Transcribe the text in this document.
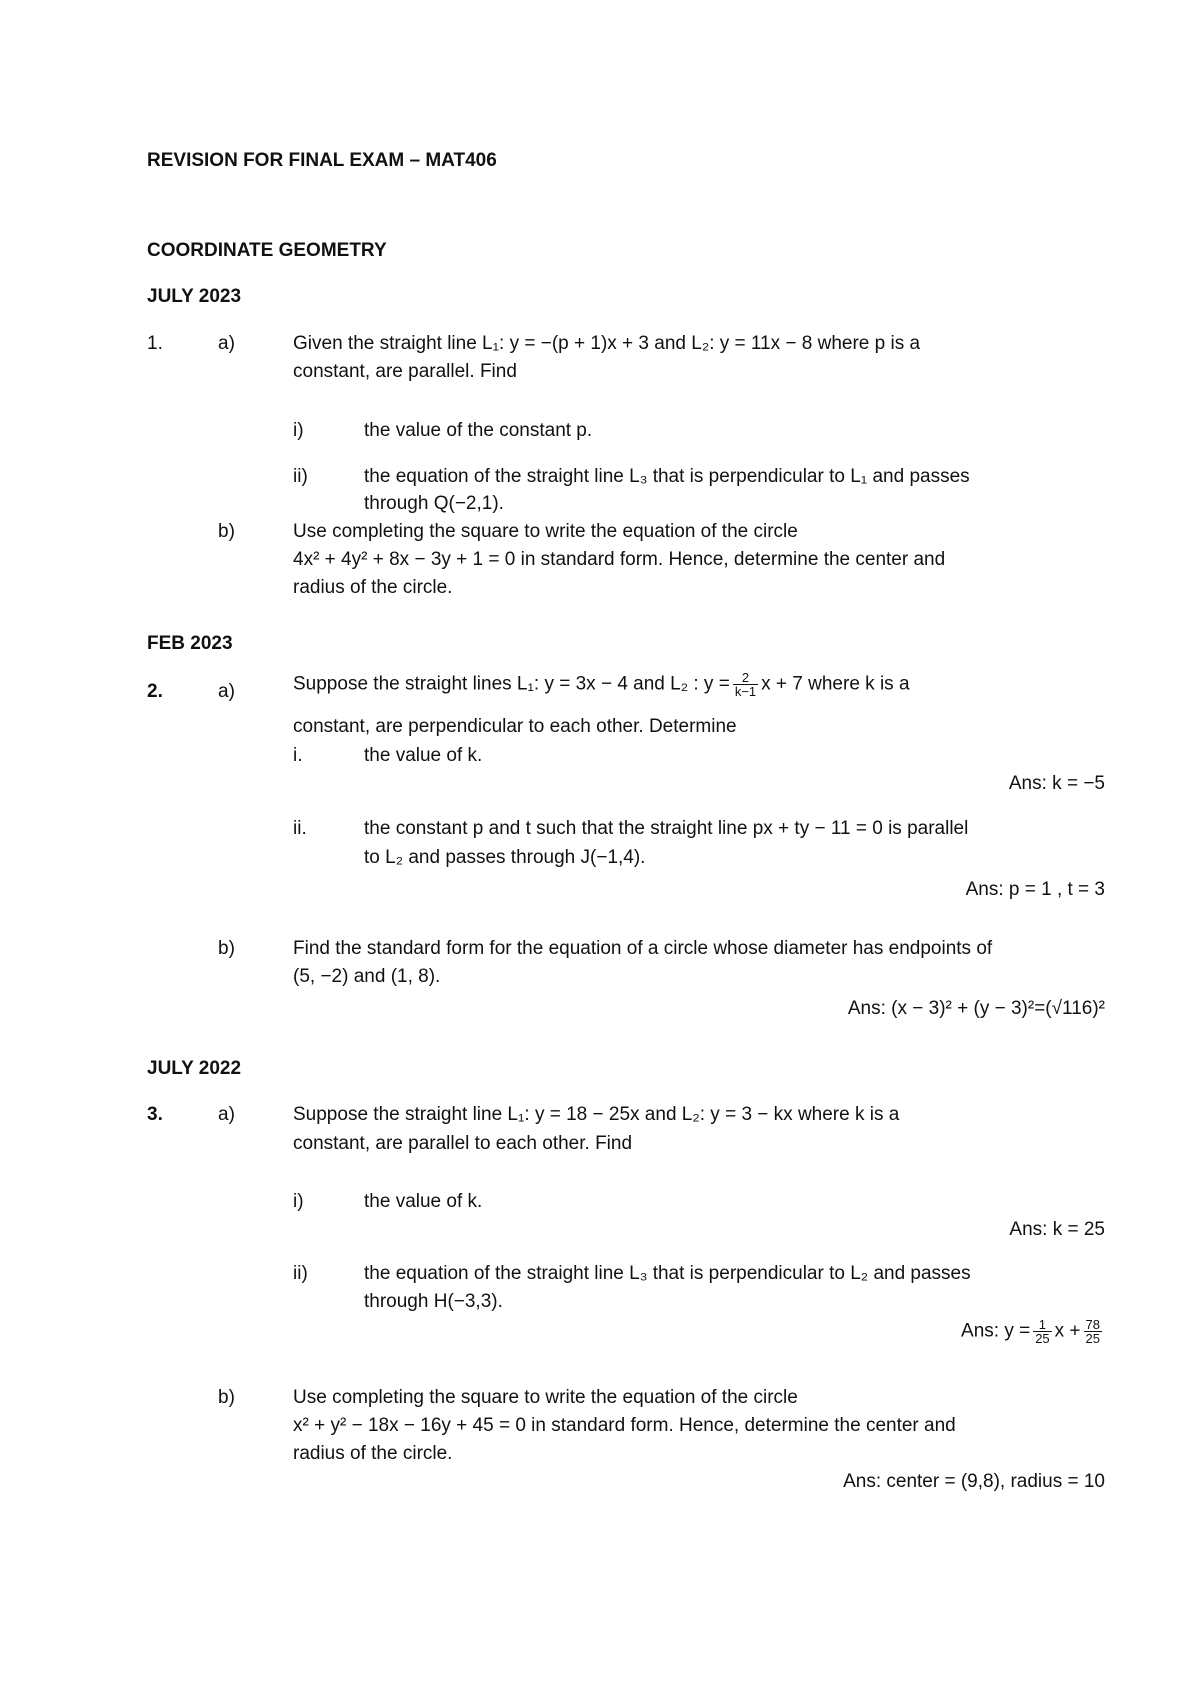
REVISION FOR FINAL EXAM – MAT406
COORDINATE GEOMETRY
JULY 2023
1.	a)	Given the straight line L₁: y = −(p + 1)x + 3 and L₂: y = 11x − 8 where p is a
constant, are parallel. Find
i)	the value of the constant p.
ii)	the equation of the straight line L₃ that is perpendicular to L₁ and passes
through Q(−2,1).
b)	Use completing the square to write the equation of the circle
4x² + 4y² + 8x − 3y + 1 = 0 in standard form. Hence, determine the center and
radius of the circle.
FEB 2023
2.	a)	Suppose the straight lines L₁: y = 3x − 4 and L₂ : $y = \frac{2}{k-1}$ x + 7 where k is a
constant, are perpendicular to each other. Determine
i.	the value of k.
Ans: k = −5
ii.	the constant p and t such that the straight line px + ty − 11 = 0 is parallel
to L₂ and passes through J(−1,4).
Ans: p = 1 , t = 3
b)	Find the standard form for the equation of a circle whose diameter has endpoints of
(5, −2) and (1, 8).
Ans: (x − 3)² + (y − 3)²=(√116)²
JULY 2022
3.	a)	Suppose the straight line L₁: y = 18 − 25x and L₂: y = 3 − kx where k is a
constant, are parallel to each other. Find
i)	the value of k.
Ans: k = 25
ii)	the equation of the straight line L₃ that is perpendicular to L₂ and passes
through H(−3,3).
Ans: $y = \frac{1}{25}$ $x + \frac{78}{25}$
b)	Use completing the square to write the equation of the circle
x² + y² − 18x − 16y + 45 = 0 in standard form. Hence, determine the center and
radius of the circle.
Ans: center = (9,8), radius = 10
